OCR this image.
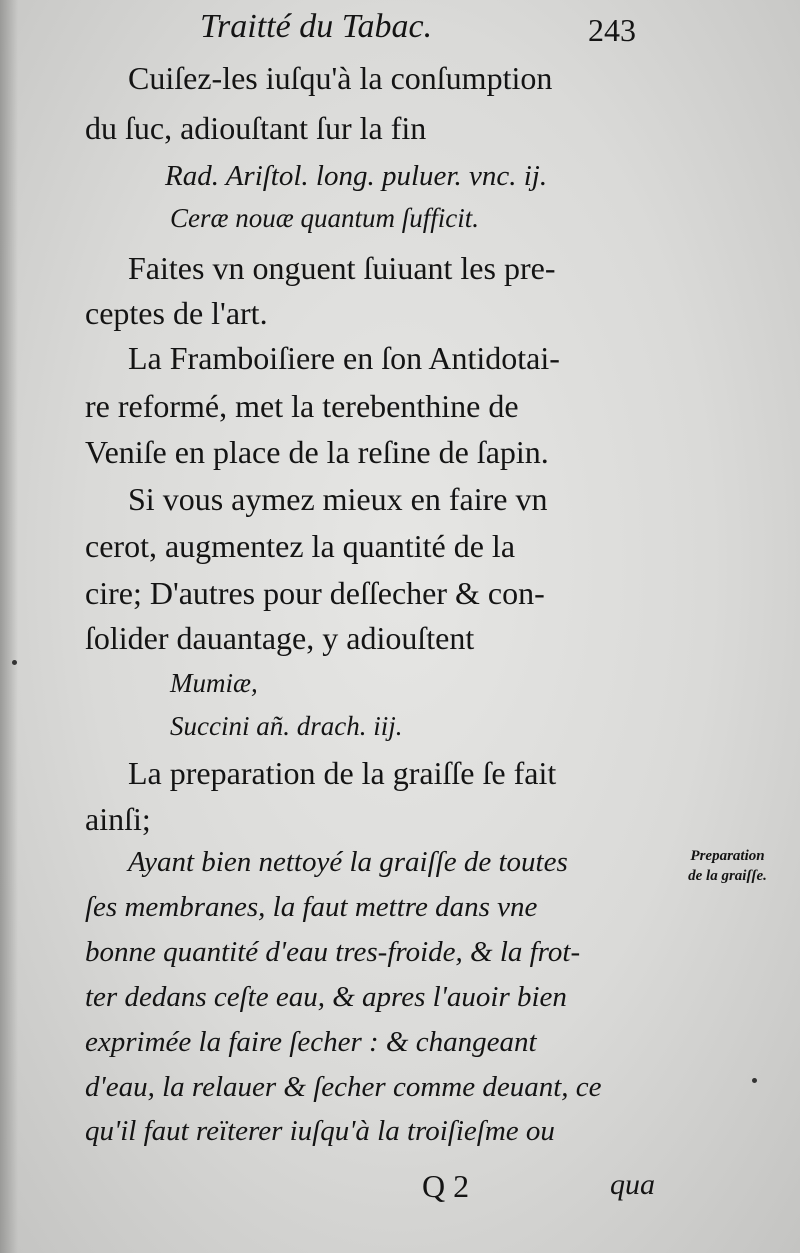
Traitté du Tabac.	243
Cuiſez-les iuſqu'à la conſumption
du ſuc, adiouſtant ſur la fin
Rad. Ariſtol. long. puluer. vnc. ij.
Ceræ nouæ quantum ſufficit.
Faites vn onguent ſuiuant les pre-
ceptes de l'art.
La Framboiſiere en ſon Antidotai-
re reformé, met la terebenthine de
Veniſe en place de la reſine de ſapin.
Si vous aymez mieux en faire vn
cerot, augmentez la quantité de la
cire; D'autres pour deſſecher & con-
ſolider dauantage, y adiouſtent
Mumiæ,
Succini añ. drach. iij.
La preparation de la graiſſe ſe fait
ainſi;
Ayant bien nettoyé la graiſſe de toutes
ſes membranes, la faut mettre dans vne
bonne quantité d'eau tres-froide, & la frot-
ter dedans ceſte eau, & apres l'auoir bien
exprimée la faire ſecher : & changeant
d'eau, la relauer & ſecher comme deuant, ce
qu'il faut reïterer iuſqu'à la troiſieſme ou
Preparation
de la graiſſe.
Q 2	qua
